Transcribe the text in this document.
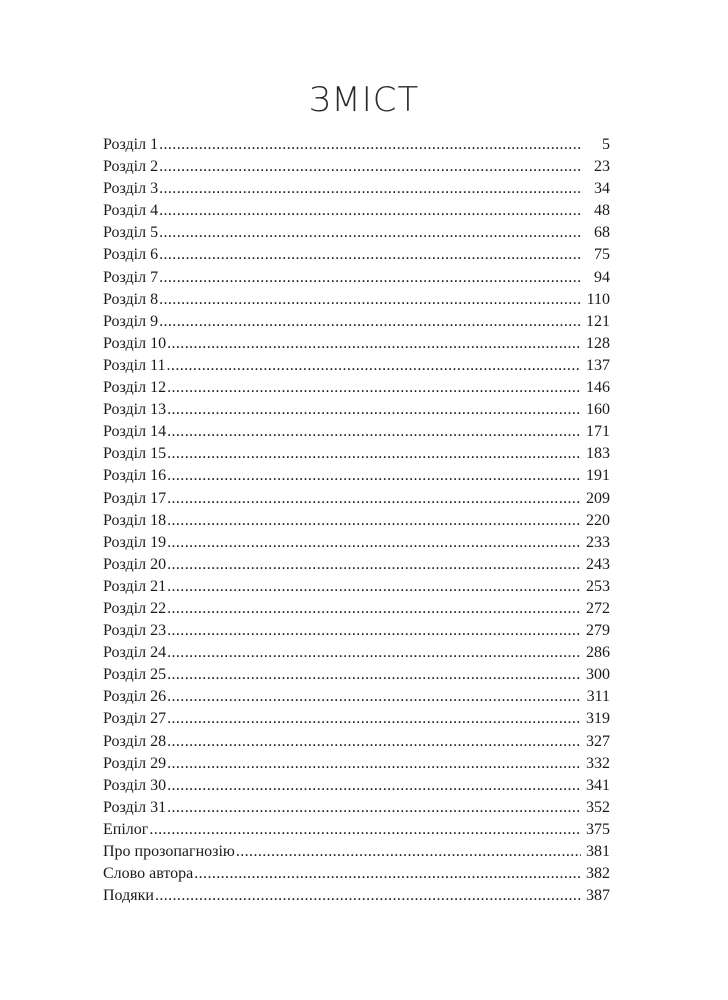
ЗМІСТ
Розділ 1 .....	5
Розділ 2 .....	23
Розділ 3 .....	34
Розділ 4 .....	48
Розділ 5 .....	68
Розділ 6 .....	75
Розділ 7 .....	94
Розділ 8 .....	110
Розділ 9 .....	121
Розділ 10 .....	128
Розділ 11 .....	137
Розділ 12 .....	146
Розділ 13 .....	160
Розділ 14 .....	171
Розділ 15 .....	183
Розділ 16 .....	191
Розділ 17 .....	209
Розділ 18 .....	220
Розділ 19 .....	233
Розділ 20 .....	243
Розділ 21 .....	253
Розділ 22 .....	272
Розділ 23 .....	279
Розділ 24 .....	286
Розділ 25 .....	300
Розділ 26 .....	311
Розділ 27 .....	319
Розділ 28 .....	327
Розділ 29 .....	332
Розділ 30 .....	341
Розділ 31 .....	352
Епілог .....	375
Про прозопагнозію .....	381
Слово автора .....	382
Подяки .....	387
